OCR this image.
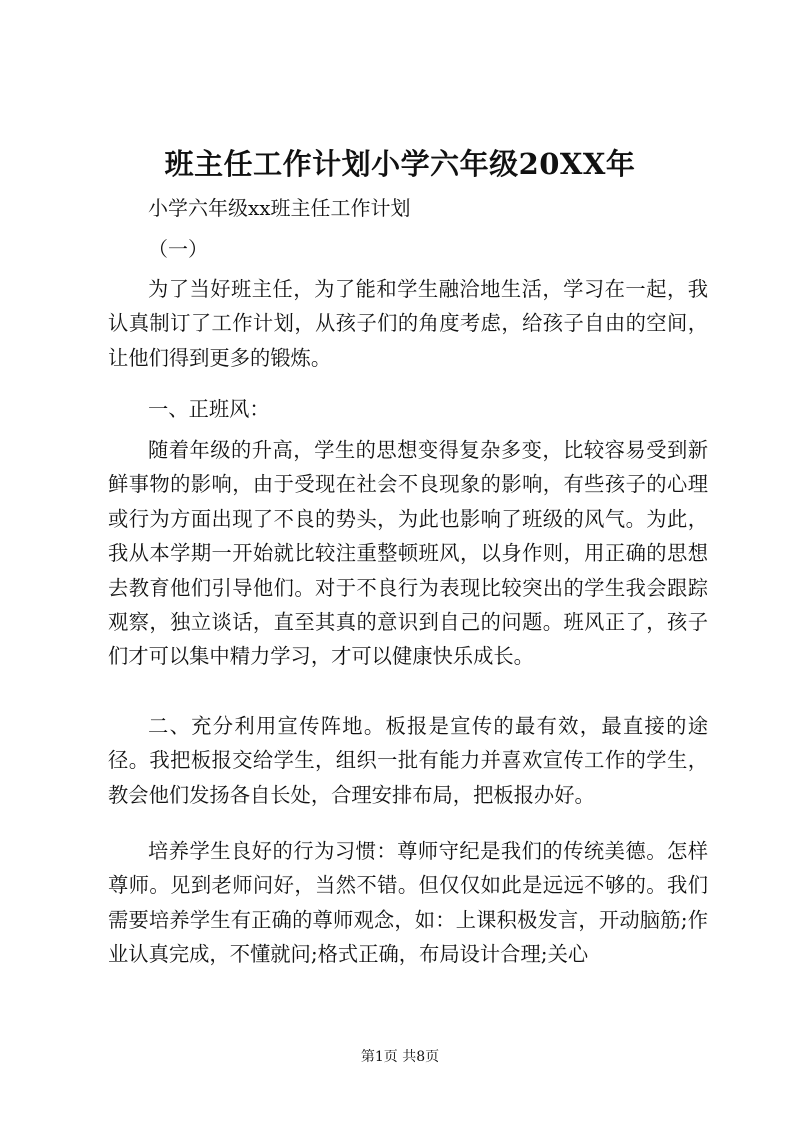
班主任工作计划小学六年级20XX年

小学六年级xx班主任工作计划

（一）

为了当好班主任，为了能和学生融洽地生活，学习在一起，我认真制订了工作计划，从孩子们的角度考虑，给孩子自由的空间，让他们得到更多的锻炼。

一、正班风：

随着年级的升高，学生的思想变得复杂多变，比较容易受到新鲜事物的影响，由于受现在社会不良现象的影响，有些孩子的心理或行为方面出现了不良的势头，为此也影响了班级的风气。为此，我从本学期一开始就比较注重整顿班风，以身作则，用正确的思想去教育他们引导他们。对于不良行为表现比较突出的学生我会跟踪观察，独立谈话，直至其真的意识到自己的问题。班风正了，孩子们才可以集中精力学习，才可以健康快乐成长。

二、充分利用宣传阵地。板报是宣传的最有效，最直接的途径。我把板报交给学生，组织一批有能力并喜欢宣传工作的学生，教会他们发扬各自长处，合理安排布局，把板报办好。

培养学生良好的行为习惯：尊师守纪是我们的传统美德。怎样尊师。见到老师问好，当然不错。但仅仅如此是远远不够的。我们需要培养学生有正确的尊师观念，如：上课积极发言，开动脑筋;作业认真完成，不懂就问;格式正确，布局设计合理;关心

第1页 共8页
